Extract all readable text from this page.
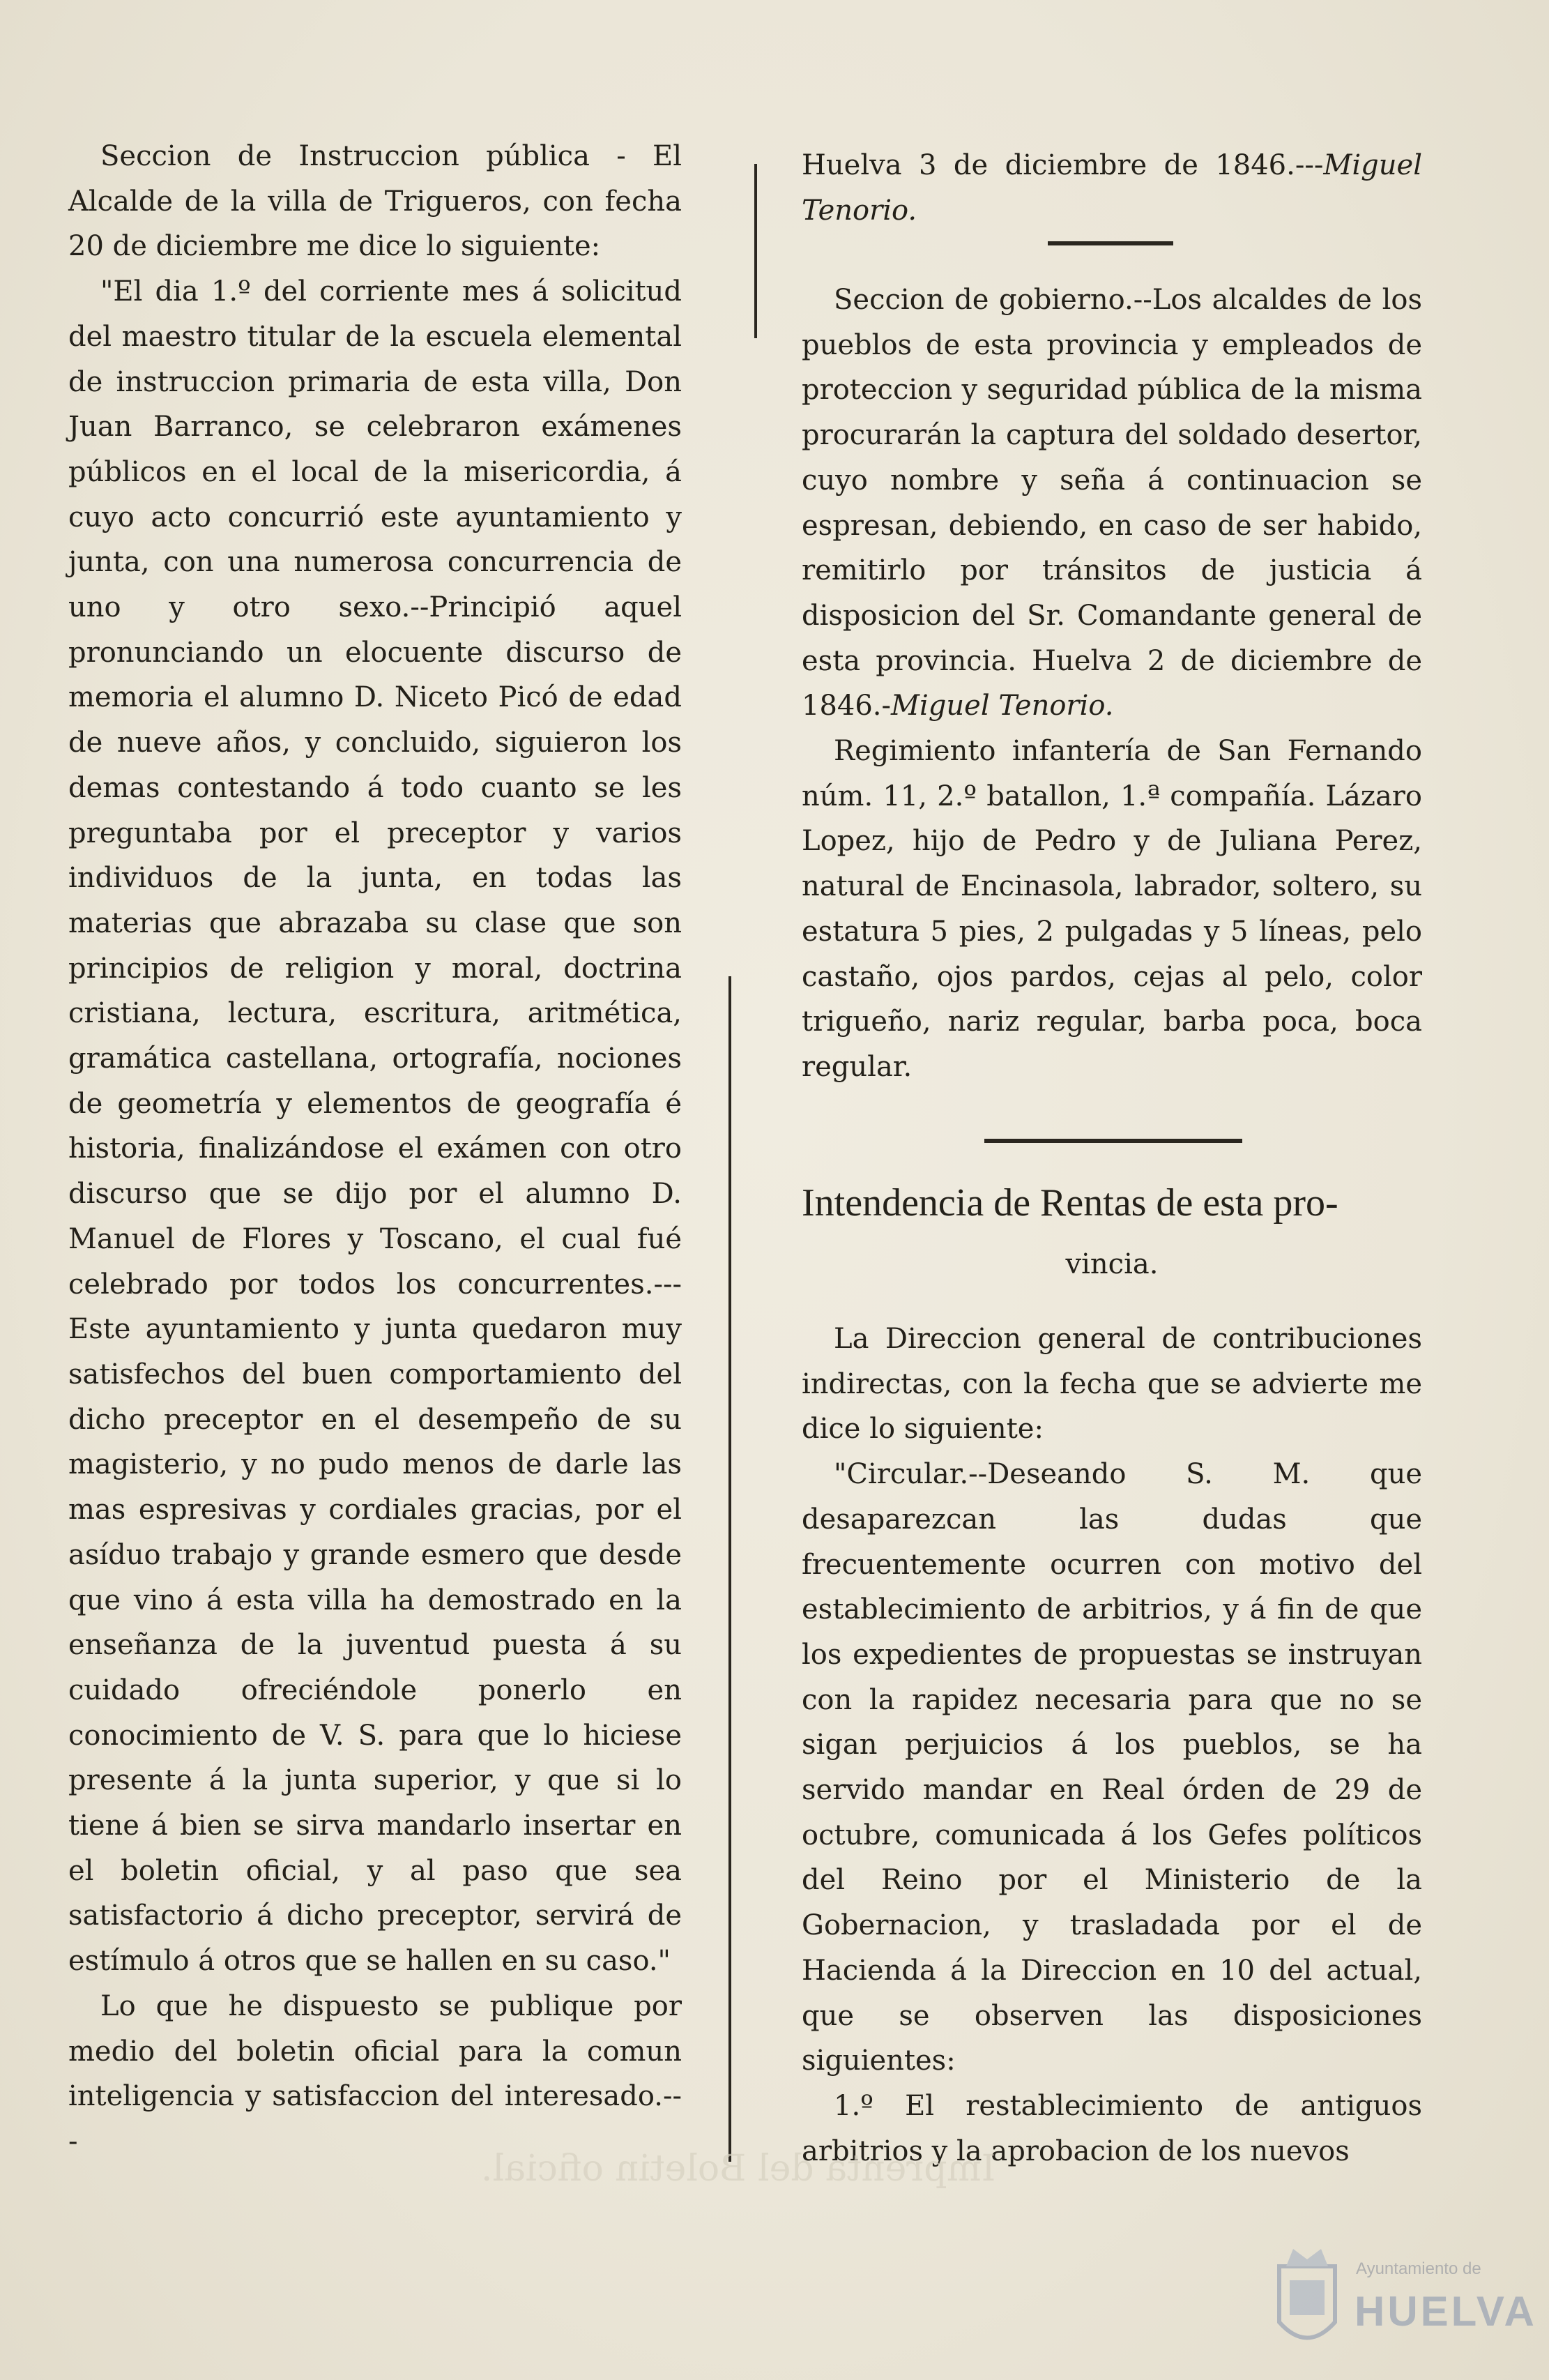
Seccion de Instruccion pública - El Alcalde de la villa de Trigueros, con fecha 20 de diciembre me dice lo siguiente:

"El dia 1.º del corriente mes á solicitud del maestro titular de la escuela elemental de instruccion primaria de esta villa, Don Juan Barranco, se celebraron exámenes públicos en el local de la misericordia, á cuyo acto concurrió este ayuntamiento y junta, con una numerosa concurrencia de uno y otro sexo.--Principió aquel pronunciando un elocuente discurso de memoria el alumno D. Niceto Picó de edad de nueve años, y concluido, siguieron los demas contestando á todo cuanto se les preguntaba por el preceptor y varios individuos de la junta, en todas las materias que abrazaba su clase que son principios de religion y moral, doctrina cristiana, lectura, escritura, aritmética, gramática castellana, ortografía, nociones de geometría y elementos de geografía é historia, finalizándose el exámen con otro discurso que se dijo por el alumno D. Manuel de Flores y Toscano, el cual fué celebrado por todos los concurrentes.---Este ayuntamiento y junta quedaron muy satisfechos del buen comportamiento del dicho preceptor en el desempeño de su magisterio, y no pudo menos de darle las mas espresivas y cordiales gracias, por el asíduo trabajo y grande esmero que desde que vino á esta villa ha demostrado en la enseñanza de la juventud puesta á su cuidado ofreciéndole ponerlo en conocimiento de V. S. para que lo hiciese presente á la junta superior, y que si lo tiene á bien se sirva mandarlo insertar en el boletin oficial, y al paso que sea satisfactorio á dicho preceptor, servirá de estímulo á otros que se hallen en su caso."

Lo que he dispuesto se publique por medio del boletin oficial para la comun inteligencia y satisfaccion del interesado.---

Huelva 3 de diciembre de 1846.---Miguel Tenorio.

Seccion de gobierno.--Los alcaldes de los pueblos de esta provincia y empleados de proteccion y seguridad pública de la misma procurarán la captura del soldado desertor, cuyo nombre y seña á continuacion se espresan, debiendo, en caso de ser habido, remitirlo por tránsitos de justicia á disposicion del Sr. Comandante general de esta provincia. Huelva 2 de diciembre de 1846.-Miguel Tenorio.

Regimiento infantería de San Fernando núm. 11, 2.º batallon, 1.ª compañía. Lázaro Lopez, hijo de Pedro y de Juliana Perez, natural de Encinasola, labrador, soltero, su estatura 5 pies, 2 pulgadas y 5 líneas, pelo castaño, ojos pardos, cejas al pelo, color trigueño, nariz regular, barba poca, boca regular.

Intendencia de Rentas de esta pro-

vincia.

La Direccion general de contribuciones indirectas, con la fecha que se advierte me dice lo siguiente:

"Circular.--Deseando S. M. que desaparezcan las dudas que frecuentemente ocurren con motivo del establecimiento de arbitrios, y á fin de que los expedientes de propuestas se instruyan con la rapidez necesaria para que no se sigan perjuicios á los pueblos, se ha servido mandar en Real órden de 29 de octubre, comunicada á los Gefes políticos del Reino por el Ministerio de la Gobernacion, y trasladada por el de Hacienda á la Direccion en 10 del actual, que se observen las disposiciones siguientes:

1.º El restablecimiento de antiguos arbitrios y la aprobacion de los nuevos

Imprenta del Boletin oficial.
Ayuntamiento de
HUELVA
